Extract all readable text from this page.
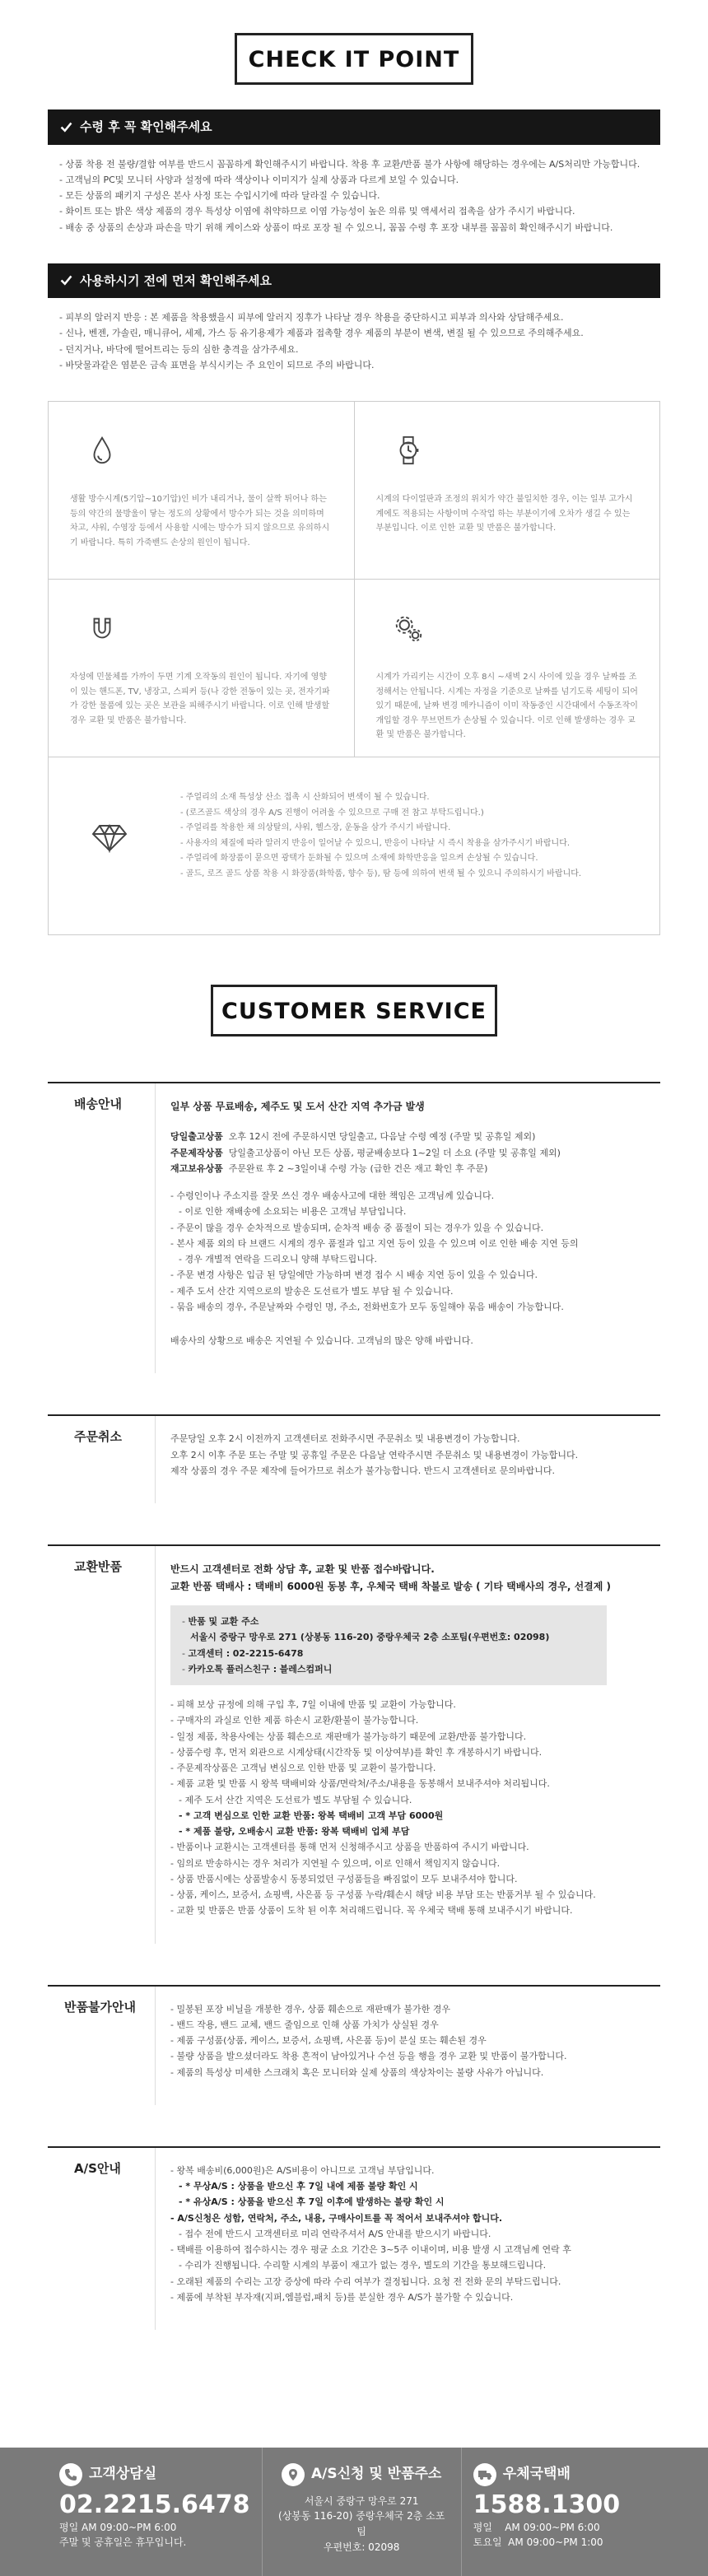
CHECK IT POINT
수령 후 꼭 확인해주세요
- 상품 착용 전 불량/결함 여부를 반드시 꼼꼼하게 확인해주시기 바랍니다. 착용 후 교환/반품 불가 사항에 해당하는 경우에는 A/S처리만 가능합니다.
- 고객님의 PC및 모니터 사양과 설정에 따라 색상이나 이미지가 실제 상품과 다르게 보일 수 있습니다.
- 모든 상품의 패키지 구성은 본사 사정 또는 수입시기에 따라 달라질 수 있습니다.
- 화이트 또는 밝은 색상 제품의 경우 특성상 이염에 취약하므로 이염 가능성이 높은 의류 및 액세서리 접촉을 삼가 주시기 바랍니다.
- 배송 중 상품의 손상과 파손을 막기 위해 케이스와 상품이 따로 포장 될 수 있으니, 꼼꼼 수령 후 포장 내부를 꼼꼼히 확인해주시기 바랍니다.
사용하시기 전에 먼저 확인해주세요
- 피부의 알러지 반응 : 본 제품을 착용했을시 피부에 알러지 징후가 나타날 경우 착용을 중단하시고 피부과 의사와 상담해주세요.
- 신나, 벤젠, 가솔린, 매니큐어, 세제, 가스 등 유기용제가 제품과 접촉할 경우 제품의 부분이 변색, 변질 될 수 있으므로 주의해주세요.
- 던지거나, 바닥에 떨어트리는 등의 심한 충격을 삼가주세요.
- 바닷물과같은 염분은 금속 표면을 부식시키는 주 요인이 되므로 주의 바랍니다.

생활 방수시계(5기압~10기압)인 비가 내리거나, 물이 살짝 튀어나 하는 등의 약간의 물방울이 닿는 정도의 상황에서 방수가 되는 것을 의미하며 차고, 샤워, 수영장 등에서 사용할 시에는 방수가 되지 않으므로 유의하시기 바랍니다. 특히 가죽밴드 손상의 원인이 됩니다.

시계의 다이얼판과 조정의 위치가 약간 불일치한 경우, 이는 일부 고가시계에도 적용되는 사항이며 수작업 하는 부분이기에 오차가 생길 수 있는 부분입니다. 이로 인한 교환 및 반품은 불가합니다.

자성에 민물체를 가까이 두면 기계 오작동의 원인이 됩니다. 자기에 영향이 있는 핸드폰, TV, 냉장고, 스피커 등(나 강한 전동이 있는 곳, 전자기파가 강한 물품에 있는 곳은 보관을 피해주시기 바랍니다. 이로 인해 발생할 경우 교환 및 반품은 불가합니다.

시계가 가리키는 시간이 오후 8시 ~새벽 2시 사이에 있을 경우 날짜를 조정해서는 안됩니다. 시계는 자정을 기준으로 날짜를 넘기도록 세팅이 되어있기 때문에, 날짜 변경 메카니즘이 이미 작동중인 시간대에서 수동조작이 개입할 경우 무브먼트가 손상될 수 있습니다. 이로 인해 발생하는 경우 교환 및 반품은 불가합니다.

- 주얼리의 소재 특성상 산소 접촉 시 산화되어 변색이 될 수 있습니다.
- (로즈골드 색상의 경우 A/S 진행이 어려울 수 있으므로 구매 전 참고 부탁드립니다.)
- 주얼리를 착용한 채 의상탈의, 샤워, 헬스장, 운동을 삼가 주시기 바랍니다.
- 사용자의 체질에 따라 알러지 반응이 일어날 수 있으니, 반응이 나타날 시 즉시 착용을 삼가주시기 바랍니다.
- 주얼리에 화장품이 묻으면 광택가 둔화될 수 있으며 소재에 화학반응을 일으켜 손상될 수 있습니다.
- 골드, 로즈 골드 상품 착용 시 화장품(화학품, 향수 등), 땀 등에 의하여 변색 될 수 있으니 주의하시기 바랍니다.
CUSTOMER SERVICE
배송안내	일부 상품 무료배송, 제주도 및 도서 산간 지역 추가금 발생
당일출고상품 오후 12시 전에 주문하시면 당일출고, 다음날 수령 예정 (주말 및 공휴일 제외)
주문제작상품 당일출고상품이 아닌 모든 상품, 평균배송보다 1~2일 더 소요 (주말 및 공휴일 제외)
재고보유상품 주문완료 후 2 ~3일이내 수령 가능 (급한 건은 재고 확인 후 주문)
- 수령인이나 주소지를 잘못 쓰신 경우 배송사고에 대한 책임은 고객님께 있습니다.
- 이로 인한 재배송에 소요되는 비용은 고객님 부담입니다.
- 주문이 많을 경우 순차적으로 발송되며, 순차적 배송 중 품절이 되는 경우가 있을 수 있습니다.
- 본사 제품 외의 타 브랜드 시계의 경우 품절과 입고 지연 등이 있을 수 있으며 이로 인한 배송 지연 등의
- 경우 개별적 연락을 드리오니 양해 부탁드립니다.
- 주문 변경 사항은 입금 된 당일에만 가능하며 변경 접수 시 배송 지연 등이 있을 수 있습니다.
- 제주 도서 산간 지역으로의 발송은 도선료가 별도 부담 될 수 있습니다.
- 묶음 배송의 경우, 주문날짜와 수령인 명, 주소, 전화번호가 모두 동일해야 묶음 배송이 가능합니다.

배송사의 상황으로 배송은 지연될 수 있습니다. 고객님의 많은 양해 바랍니다.

주문취소	주문당일 오후 2시 이전까지 고객센터로 전화주시면 주문취소 및 내용변경이 가능합니다.
오후 2시 이후 주문 또는 주말 및 공휴일 주문은 다음날 연락주시면 주문취소 및 내용변경이 가능합니다.
제작 상품의 경우 주문 제작에 들어가므로 취소가 불가능합니다. 반드시 고객센터로 문의바랍니다.
교환반품	반드시 고객센터로 전화 상담 후, 교환 및 반품 접수바랍니다.
교환 반품 택배사 : 택배비 6000원 동봉 후, 우체국 택배 착불로 발송 ( 기타 택배사의 경우, 선결제 )
- 반품 및 교환 주소
서울시 중랑구 망우로 271 (상봉동 116-20) 중랑우체국 2층 소포팀(우편번호: 02098)
- 고객센터 : 02-2215-6478
- 카카오톡 플러스친구 : 블레스컴퍼니
- 피해 보상 규정에 의해 구입 후, 7일 이내에 반품 및 교환이 가능합니다.
- 구매자의 과실로 인한 제품 하손시 교환/환불이 불가능합니다.
- 일정 제품, 착용사에는 상품 훼손으로 재판매가 불가능하기 때문에 교환/반품 불가합니다.
- 상품수령 후, 먼저 외관으로 시계상태(시간작동 및 이상여부)를 확인 후 개봉하시기 바랍니다.
- 주문제작상품은 고객님 변심으로 인한 반품 및 교환이 불가합니다.
- 제품 교환 및 반품 시 왕복 택배비와 상품/면락처/주소/내용을 동봉해서 보내주셔야 처리됩니다.
- 제주 도서 산간 지역은 도선료가 별도 부담될 수 있습니다.
- * 고객 변심으로 인한 교환 반품: 왕복 택배비 고객 부담 6000원
- * 제품 불량, 오배송시 교환 반품: 왕복 택배비 업체 부담
- 반품이나 교환시는 고객센터를 통해 먼저 신청해주시고 상품을 반품하여 주시기 바랍니다.
- 임의로 반송하시는 경우 처리가 지연될 수 있으며, 이로 인해서 책임지지 않습니다.
- 상품 반품시에는 상품발송시 동봉되었던 구성품들을 빠짐없이 모두 보내주셔야 합니다.
- 상품, 케이스, 보증서, 쇼핑백, 사은품 등 구성품 누락/훼손시 해당 비용 부담 또는 반품거부 될 수 있습니다.
- 교환 및 반품은 반품 상품이 도착 된 이후 처리해드립니다. 꼭 우체국 택배 통해 보내주시기 바랍니다.
반품불가안내	- 밀봉된 포장 비닐을 개봉한 경우, 상품 훼손으로 재판매가 불가한 경우
- 밴드 작용, 밴드 교체, 밴드 줄임으로 인해 상품 가치가 상실된 경우
- 제품 구성품(상품, 케이스, 보증서, 쇼핑백, 사은품 등)이 분실 또는 훼손된 경우
- 불량 상품을 발으셨더라도 착용 흔적이 남아있거나 수선 등을 행을 경우 교환 및 반품이 불가합니다.
- 제품의 특성상 미세한 스크래치 혹은 모니터와 실제 상품의 색상차이는 불량 사유가 아닙니다.
A/S안내	- 왕복 배송비(6,000원)은 A/S비용이 아니므로 고객님 부담입니다.
- * 무상A/S : 상품을 받으신 후 7일 내에 제품 불량 확인 시
- * 유상A/S : 상품을 받으신 후 7일 이후에 발생하는 불량 확인 시
- A/S신청은 성함, 연락처, 주소, 내용, 구매사이트를 꼭 적어서 보내주셔야 합니다.
- 접수 전에 반드시 고객센터로 미리 연락주셔서 A/S 안내를 받으시기 바랍니다.
- 택배를 이용하여 접수하시는 경우 평균 소요 기간은 3~5주 이내이며, 비용 발생 시 고객님께 연락 후
- 수리가 진행됩니다. 수리할 시계의 부품이 재고가 없는 경우, 별도의 기간을 통보해드립니다.
- 오래된 제품의 수리는 고장 증상에 따라 수리 여부가 결정됩니다. 요청 전 전화 문의 부탁드립니다.
- 제품에 부착된 부자재(지퍼,엠블럼,패치 등)를 분실한 경우 A/S가 불가할 수 있습니다.
고객상담실
02.2215.6478
평일 AM 09:00~PM 6:00
주말 및 공휴일은 휴무입니다.
A/S신청 및 반품주소
서울시 중랑구 망우로 271
(상봉동 116-20) 중랑우체국 2층 소포팀
우편번호: 02098
우체국택배
1588.1300
평일    AM 09:00~PM 6:00
토요일  AM 09:00~PM 1:00
